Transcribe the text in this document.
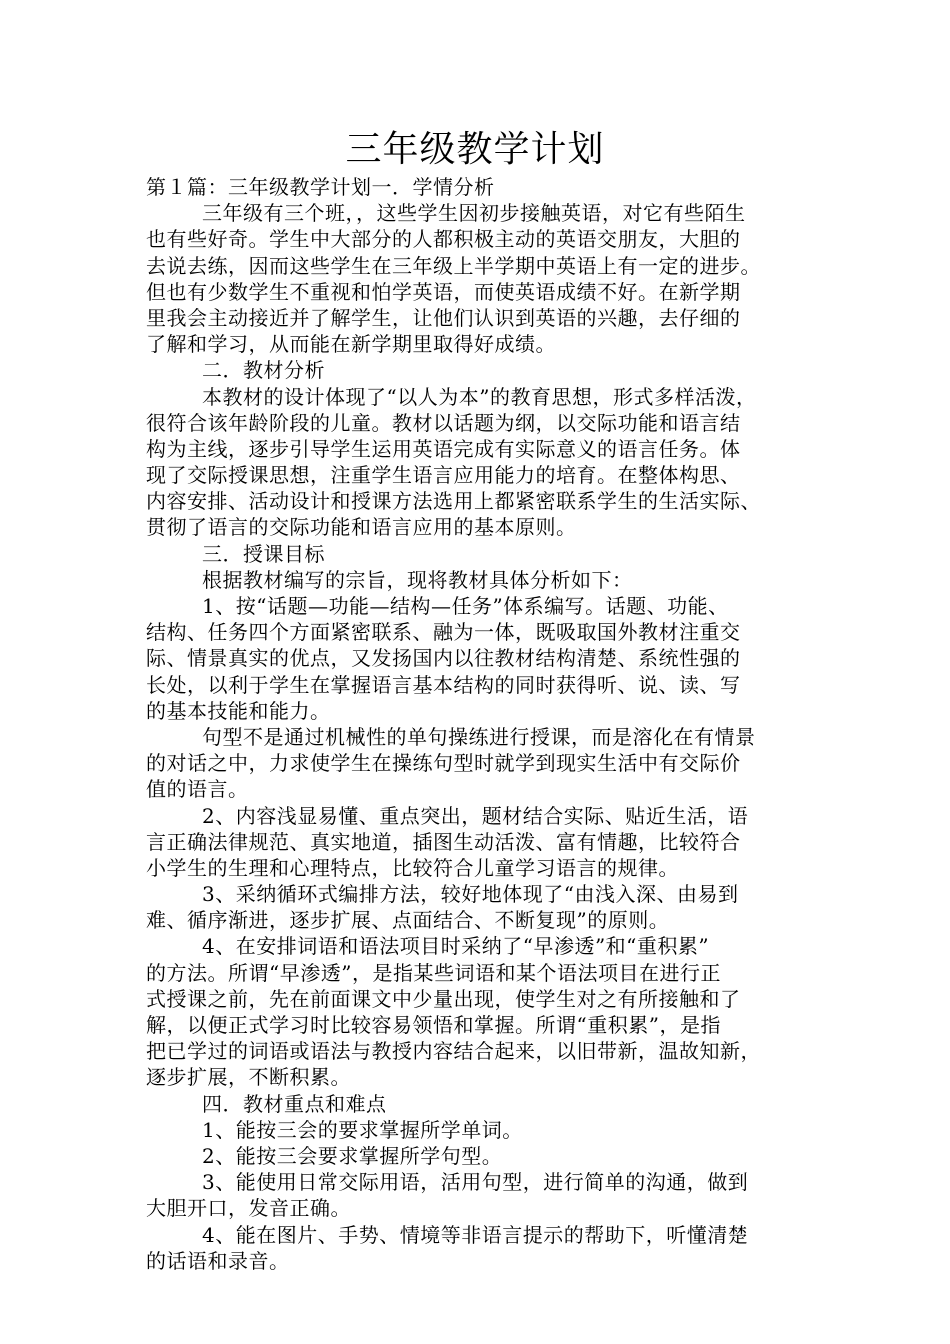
三年级教学计划
第１篇：三年级教学计划一．学情分析
三年级有三个班，，这些学生因初步接触英语，对它有些陌生
也有些好奇。学生中大部分的人都积极主动的英语交朋友，大胆的
去说去练，因而这些学生在三年级上半学期中英语上有一定的进步。
但也有少数学生不重视和怕学英语，而使英语成绩不好。在新学期
里我会主动接近并了解学生，让他们认识到英语的兴趣，去仔细的
了解和学习，从而能在新学期里取得好成绩。
二．教材分析
本教材的设计体现了“以人为本”的教育思想，形式多样活泼，
很符合该年龄阶段的儿童。教材以话题为纲，以交际功能和语言结
构为主线，逐步引导学生运用英语完成有实际意义的语言任务。体
现了交际授课思想，注重学生语言应用能力的培育。在整体构思、
内容安排、活动设计和授课方法选用上都紧密联系学生的生活实际、
贯彻了语言的交际功能和语言应用的基本原则。
三．授课目标
根据教材编写的宗旨，现将教材具体分析如下：
1、按“话题—功能—结构—任务”体系编写。话题、功能、
结构、任务四个方面紧密联系、融为一体，既吸取国外教材注重交
际、情景真实的优点，又发扬国内以往教材结构清楚、系统性强的
长处，以利于学生在掌握语言基本结构的同时获得听、说、读、写
的基本技能和能力。
句型不是通过机械性的单句操练进行授课，而是溶化在有情景
的对话之中，力求使学生在操练句型时就学到现实生活中有交际价
值的语言。
2、内容浅显易懂、重点突出，题材结合实际、贴近生活，语
言正确法律规范、真实地道，插图生动活泼、富有情趣，比较符合
小学生的生理和心理特点，比较符合儿童学习语言的规律。
3、采纳循环式编排方法，较好地体现了“由浅入深、由易到
难、循序渐进，逐步扩展、点面结合、不断复现”的原则。
4、在安排词语和语法项目时采纳了“早渗透”和“重积累”
的方法。所谓“早渗透”，是指某些词语和某个语法项目在进行正
式授课之前，先在前面课文中少量出现，使学生对之有所接触和了
解，以便正式学习时比较容易领悟和掌握。所谓“重积累”，是指
把已学过的词语或语法与教授内容结合起来，以旧带新，温故知新，
逐步扩展，不断积累。
四．教材重点和难点
1、能按三会的要求掌握所学单词。
2、能按三会要求掌握所学句型。
3、能使用日常交际用语，活用句型，进行简单的沟通，做到
大胆开口，发音正确。
4、能在图片、手势、情境等非语言提示的帮助下，听懂清楚
的话语和录音。
